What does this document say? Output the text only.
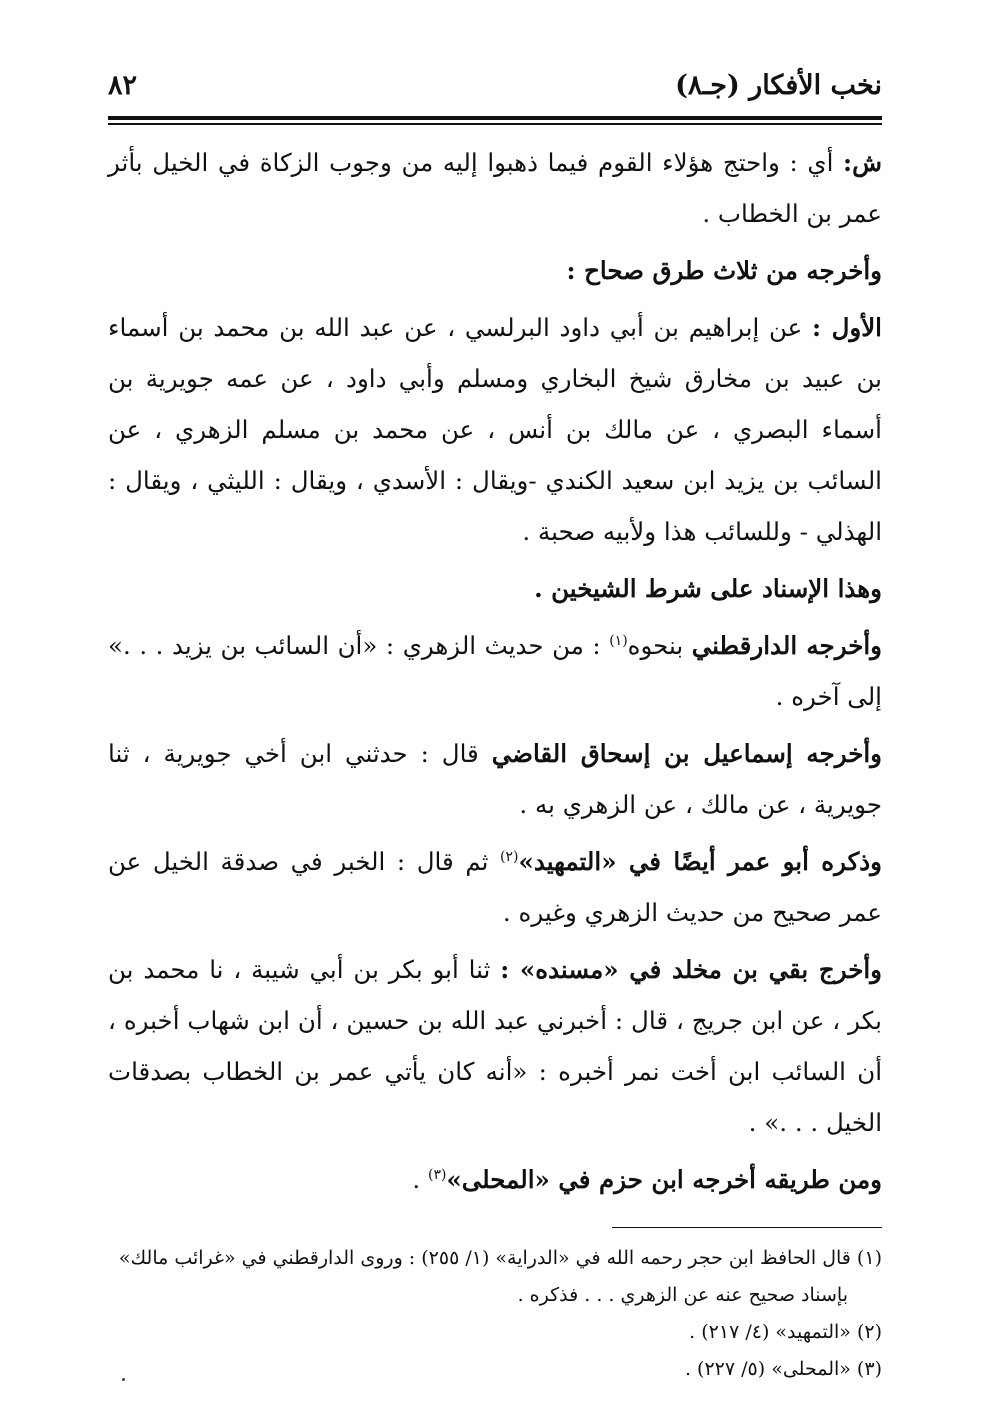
نخب الأفكار (جـ٨)
٨٢

ش: أي : واحتج هؤلاء القوم فيما ذهبوا إليه من وجوب الزكاة في الخيل بأثر عمر بن الخطاب .

وأخرجه من ثلاث طرق صحاح :

الأول : عن إبراهيم بن أبي داود البرلسي ، عن عبد الله بن محمد بن أسماء بن عبيد بن مخارق شيخ البخاري ومسلم وأبي داود ، عن عمه جويرية بن أسماء البصري ، عن مالك بن أنس ، عن محمد بن مسلم الزهري ، عن السائب بن يزيد ابن سعيد الكندي -ويقال : الأسدي ، ويقال : الليثي ، ويقال : الهذلي - وللسائب هذا ولأبيه صحبة .

وهذا الإسناد على شرط الشيخين .

وأخرجه الدارقطني بنحوه$^{(١)}$ : من حديث الزهري : «أن السائب بن يزيد . . .» إلى آخره .

وأخرجه إسماعيل بن إسحاق القاضي قال : حدثني ابن أخي جويرية ، ثنا جويرية ، عن مالك ، عن الزهري به .

وذكره أبو عمر أيضًا في «التمهيد»$^{(٢)}$ ثم قال : الخبر في صدقة الخيل عن عمر صحيح من حديث الزهري وغيره .

وأخرج بقي بن مخلد في «مسنده» : ثنا أبو بكر بن أبي شيبة ، نا محمد بن بكر ، عن ابن جريج ، قال : أخبرني عبد الله بن حسين ، أن ابن شهاب أخبره ، أن السائب ابن أخت نمر أخبره : «أنه كان يأتي عمر بن الخطاب بصدقات الخيل . . .» .

ومن طريقه أخرجه ابن حزم في «المحلى»$^{(٣)}$ .

(١) قال الحافظ ابن حجر رحمه الله في «الدراية» (١/ ٢٥٥) : وروى الدارقطني في «غرائب مالك»

بإسناد صحيح عنه عن الزهري . . . فذكره .

(٢) «التمهيد» (٤/ ٢١٧) .

(٣) «المحلى» (٥/ ٢٢٧) .
